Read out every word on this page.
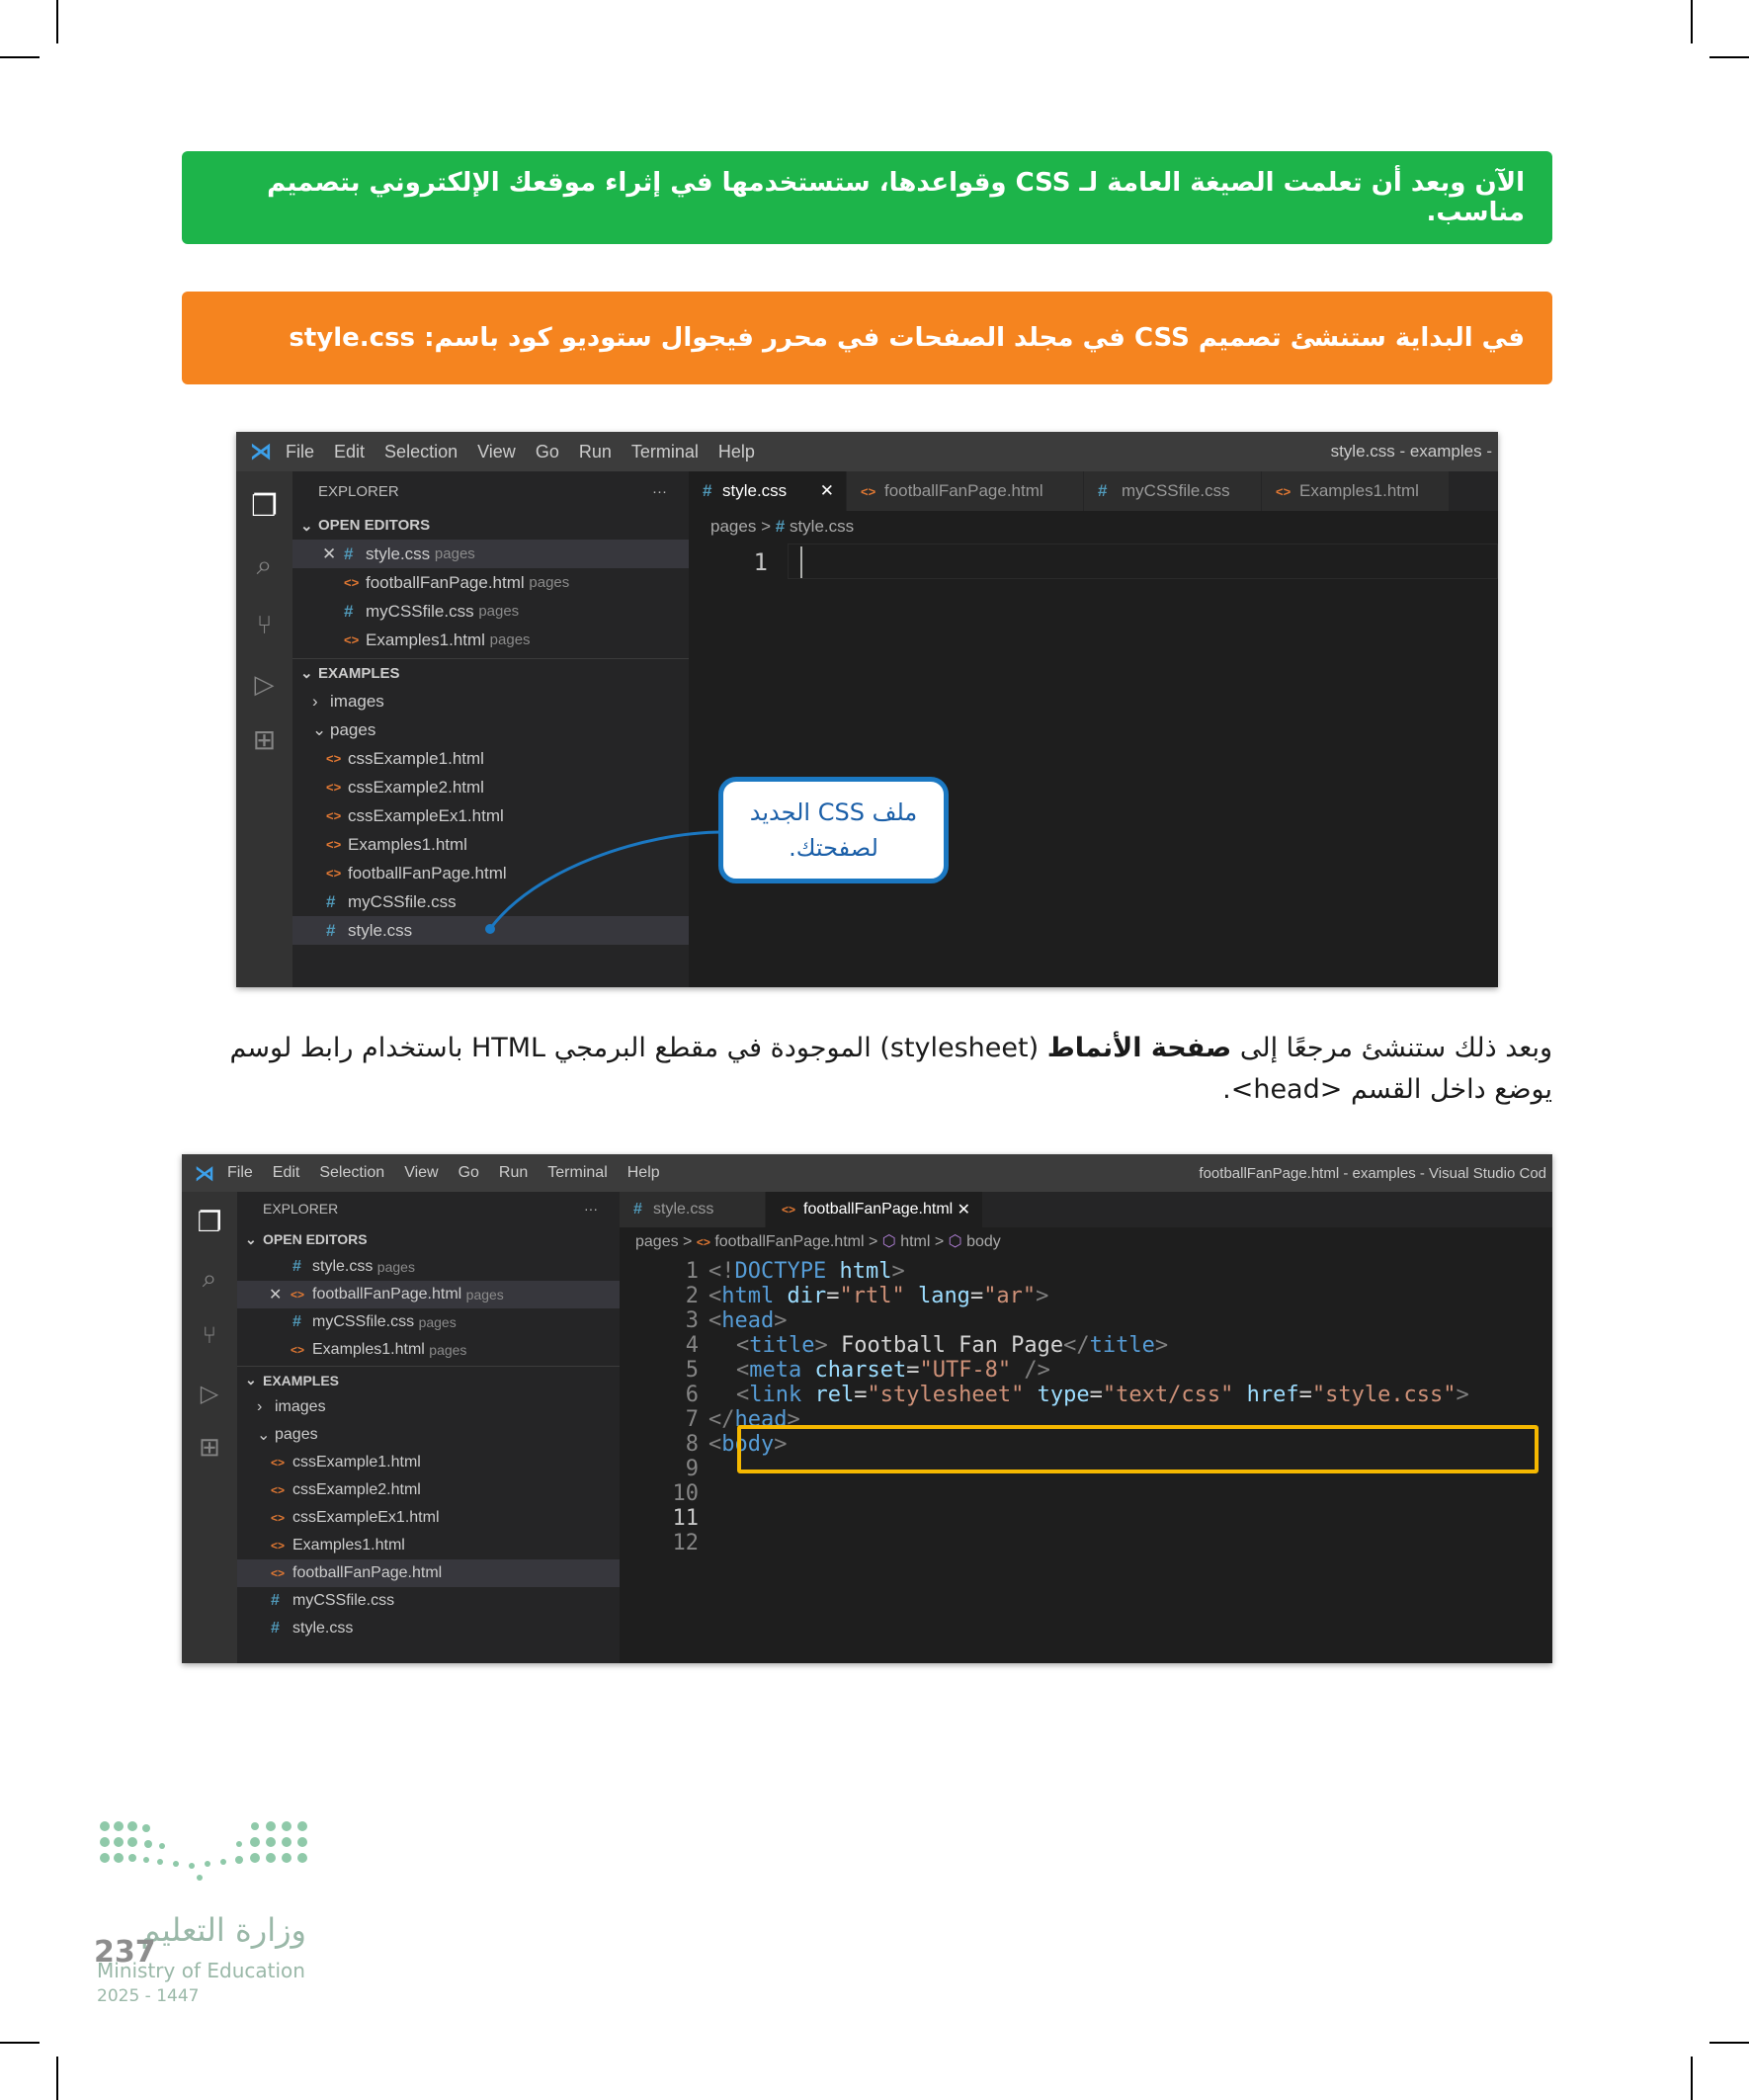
الآن وبعد أن تعلمت الصيغة العامة لـ CSS وقواعدها، ستستخدمها في إثراء موقعك الإلكتروني بتصميم مناسب.
في البداية ستنشئ تصميم CSS في مجلد الصفحات في محرر فيجوال ستوديو كود باسم: style.css
⋊ File Edit Selection View Go Run Terminal Help	style.css - examples -
❐
⌕
⑂
▷
⊞
EXPLORER	···
⌄ OPEN EDITORS
✕ # style.css
pages
<> footballFanPage.html
pages
# myCSSfile.css
pages
<> Examples1.html
pages
⌄ EXAMPLES
› images
⌄ pages
<> cssExample1.html
<> cssExample2.html
<> cssExampleEx1.html
<> Examples1.html
<> footballFanPage.html
# myCSSfile.css
# style.css
# style.css ✕ <> footballFanPage.html	# myCSSfile.css	<> Examples1.html
pages > # style.css
1
ملف CSS الجديد
لصفحتك.
وبعد ذلك ستنشئ مرجعًا إلى صفحة الأنماط (stylesheet) الموجودة في مقطع البرمجي HTML باستخدام رابط لوسم يوضع داخل القسم <head>.
⋊ File Edit Selection View Go Run Terminal Help	footballFanPage.html - examples - Visual Studio Cod
❐
⌕
⑂
▷
⊞
EXPLORER	···
⌄ OPEN EDITORS
# style.css
pages
✕ <> footballFanPage.html
pages
# myCSSfile.css
pages
<> Examples1.html
pages
⌄ EXAMPLES
› images
⌄ pages
<> cssExample1.html
<> cssExample2.html
<> cssExampleEx1.html
<> Examples1.html
<> footballFanPage.html
# myCSSfile.css
# style.css
# style.css	<> footballFanPage.html ✕
pages > <> footballFanPage.html > ⬡ html > ⬡ body
1
2
3
4
5
6
7
8
9
10
11
12
<!DOCTYPE html>
<html dir="rtl" lang="ar">
<head>
<title> Football Fan Page</title>
<meta charset="UTF-8" />
<link rel="stylesheet" type="text/css" href="style.css">
</head>
<body>
وزارة التعليم
Ministry of Education
2025 - 1447
237
